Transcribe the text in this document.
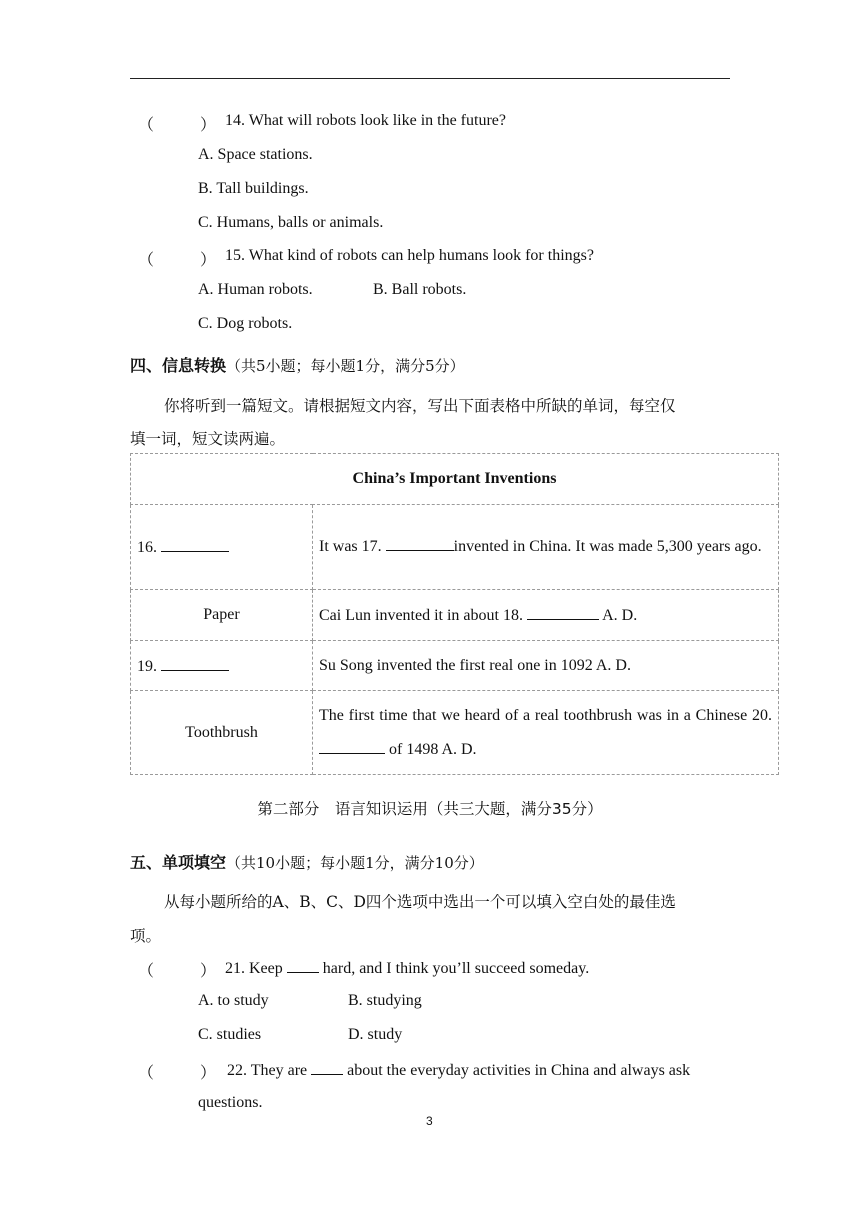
（	） 14. What will robots look like in the future?
A. Space stations.
B. Tall buildings.
C. Humans, balls or animals.
（	） 15. What kind of robots can help humans look for things?
A. Human robots.	B. Ball robots.
C. Dog robots.
四、信息转换（共5小题；每小题1分，满分5分）
你将听到一篇短文。请根据短文内容，写出下面表格中所缺的单词，每空仅
填一词，短文读两遍。
China’s Important Inventions	
16.	It was 17. invented in China. It was made 5,300 years ago.
Paper	Cai Lun invented it in about 18. A. D.
19.	Su Song invented the first real one in 1092 A. D.
Toothbrush	The first time that we heard of a real toothbrush was in a Chinese 20.  of 1498 A. D.
第二部分　语言知识运用（共三大题，满分35分）
五、单项填空（共10小题；每小题1分，满分10分）
从每小题所给的A、B、C、D四个选项中选出一个可以填入空白处的最佳选
项。
（	） 21. Keep	hard, and I think you’ll succeed someday.
A. to study	B. studying
C. studies	D. study
（	） 22. They are	about the everyday activities in China and always ask
questions.
3
